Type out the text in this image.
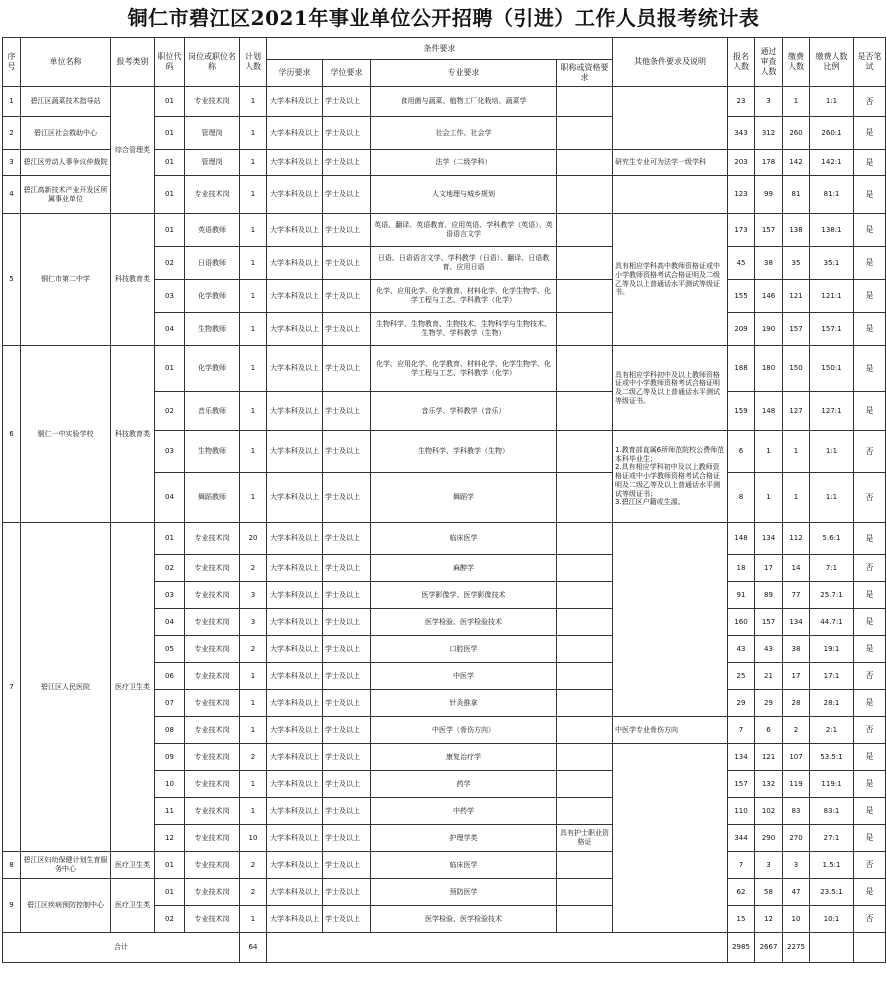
铜仁市碧江区2021年事业单位公开招聘（引进）工作人员报考统计表
序号	单位名称	报考类别	职位代码	岗位或职位名称	计划人数	条件要求				其他条件要求及说明	报名人数	通过审查人数	缴费人数	缴费人数比例	是否笔试
						学历要求	学位要求	专业要求	职称或资格要求						
1	碧江区蔬菜技术指导站	综合管理类	01	专业技术岗	1	大学本科及以上	学士及以上	食用菌与蔬菜、植物工厂化栽培、蔬菜学			23	3	1	1:1	否
2	碧江区社会救助中心		01	管理岗	1	大学本科及以上	学士及以上	社会工作、社会学			343	312	260	260:1	是
3	碧江区劳动人事争议仲裁院		01	管理岗	1	大学本科及以上	学士及以上	法学（二级学科）		研究生专业可为法学一级学科	203	178	142	142:1	是
4	碧江高新技术产业开发区所属事业单位		01	专业技术岗	1	大学本科及以上	学士及以上	人文地理与城乡规划			123	99	81	81:1	是
5	铜仁市第二中学	科技教育类	01	英语教师	1	大学本科及以上	学士及以上	英语、翻译、英语教育、应用英语、学科教学（英语）、英语语言文学		具有相应学科高中教师资格证或中小学教师资格考试合格证明及二级乙等及以上普通话水平测试等级证书。	173	157	138	138:1	是
			02	日语教师	1	大学本科及以上	学士及以上	日语、日语语言文学、学科教学（日语）、翻译、日语教育、应用日语			45	38	35	35:1	是
			03	化学教师	1	大学本科及以上	学士及以上	化学、应用化学、化学教育、材料化学、化学生物学、化学工程与工艺、学科教学（化学）			155	146	121	121:1	是
			04	生物教师	1	大学本科及以上	学士及以上	生物科学、生物教育、生物技术、生物科学与生物技术、生物学、学科教学（生物）			209	190	157	157:1	是
6	铜仁一中实验学校	科技教育类	01	化学教师	1	大学本科及以上	学士及以上	化学、应用化学、化学教育、材料化学、化学生物学、化学工程与工艺、学科教学（化学）		具有相应学科初中及以上教师资格证或中小学教师资格考试合格证明及二级乙等及以上普通话水平测试等级证书。	188	180	150	150:1	是
			02	音乐教师	1	大学本科及以上	学士及以上	音乐学、学科教学（音乐）			159	148	127	127:1	是
			03	生物教师	1	大学本科及以上	学士及以上	生物科学、学科教学（生物）		1.教育部直属6所师范院校公费师范本科毕业生；
2.具有相应学科初中及以上教师资格证或中小学教师资格考试合格证明及二级乙等及以上普通话水平测试等级证书；
3.碧江区户籍或生源。	6	1	1	1:1	否
			04	舞蹈教师	1	大学本科及以上	学士及以上	舞蹈学			8	1	1	1:1	否
7	碧江区人民医院	医疗卫生类	01	专业技术岗	20	大学本科及以上	学士及以上	临床医学			148	134	112	5.6:1	是
			02	专业技术岗	2	大学本科及以上	学士及以上	麻醉学			18	17	14	7:1	否
			03	专业技术岗	3	大学本科及以上	学士及以上	医学影像学、医学影像技术			91	89	77	25.7:1	是
			04	专业技术岗	3	大学本科及以上	学士及以上	医学检验、医学检验技术			160	157	134	44.7:1	是
			05	专业技术岗	2	大学本科及以上	学士及以上	口腔医学			43	43	38	19:1	是
			06	专业技术岗	1	大学本科及以上	学士及以上	中医学			25	21	17	17:1	否
			07	专业技术岗	1	大学本科及以上	学士及以上	针灸推拿			29	29	28	28:1	是
			08	专业技术岗	1	大学本科及以上	学士及以上	中医学（骨伤方向）		中医学专业骨伤方向	7	6	2	2:1	否
			09	专业技术岗	2	大学本科及以上	学士及以上	康复治疗学			134	121	107	53.5:1	是
			10	专业技术岗	1	大学本科及以上	学士及以上	药学			157	132	119	119:1	是
			11	专业技术岗	1	大学本科及以上	学士及以上	中药学			110	102	83	83:1	是
			12	专业技术岗	10	大学本科及以上	学士及以上	护理学类	具有护士职业资格证		344	290	270	27:1	是
8	碧江区妇幼保健计划生育服务中心	医疗卫生类	01	专业技术岗	2	大学本科及以上	学士及以上	临床医学			7	3	3	1.5:1	否
9	碧江区疾病预防控制中心	医疗卫生类	01	专业技术岗	2	大学本科及以上	学士及以上	预防医学			62	58	47	23.5:1	是
			02	专业技术岗	1	大学本科及以上	学士及以上	医学检验、医学检验技术			15	12	10	10:1	否
合计					64						2985	2667	2275		
